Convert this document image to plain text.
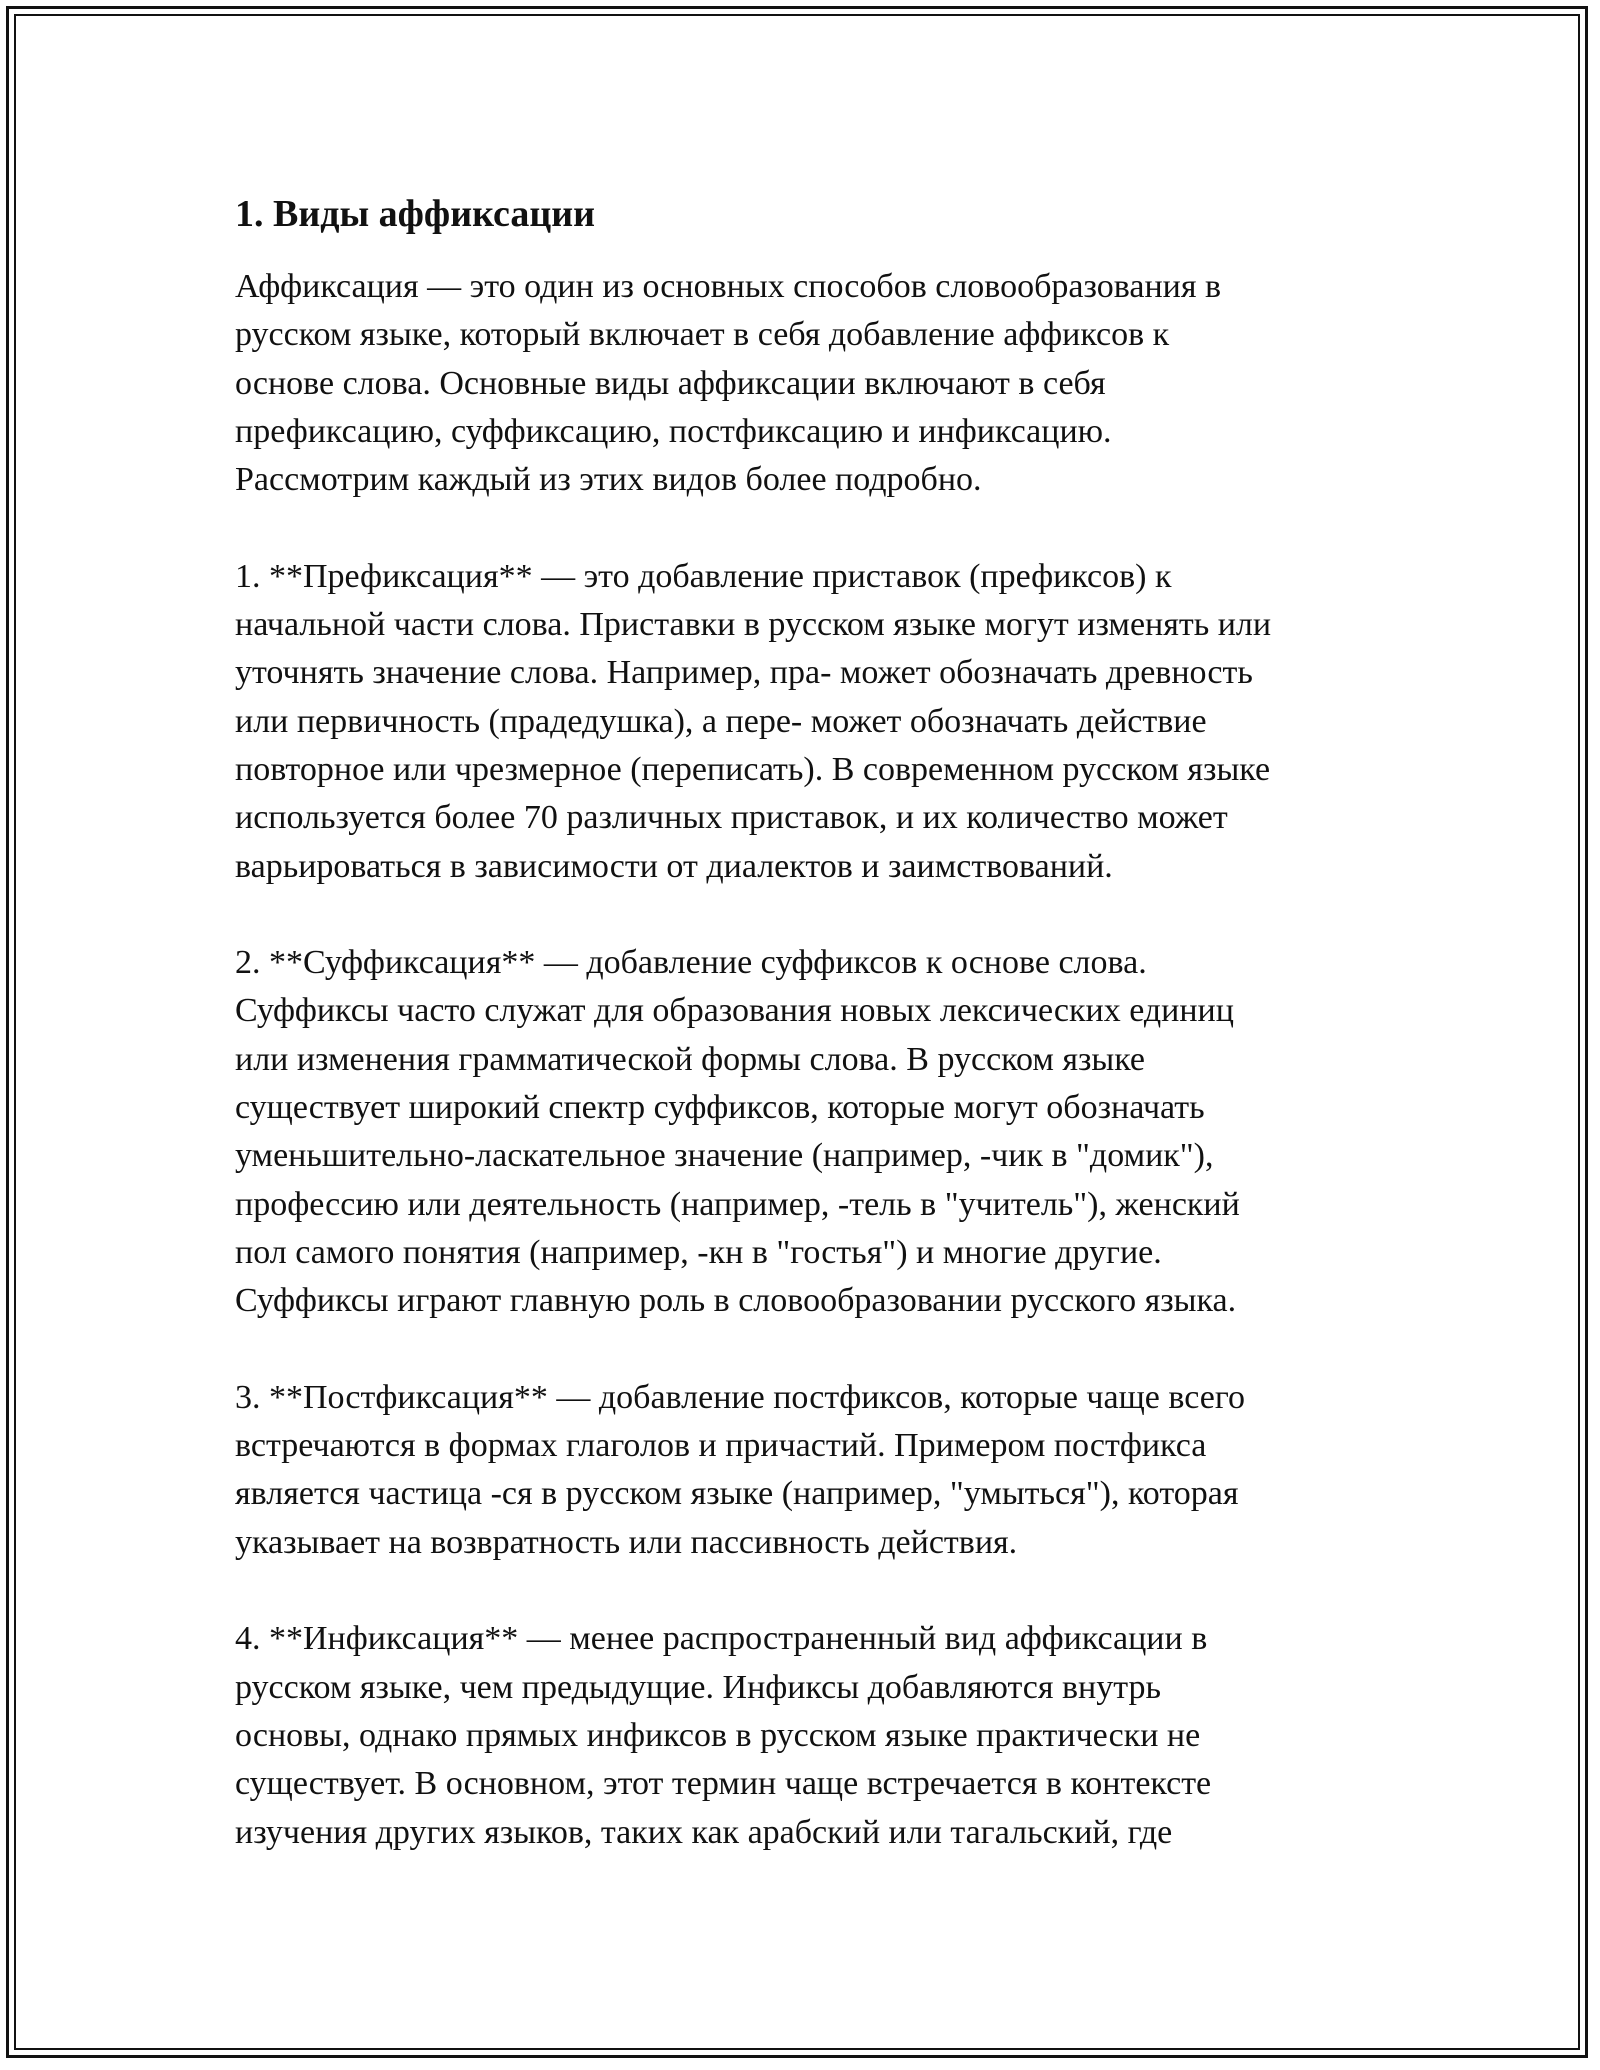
1. Виды аффиксации

Аффиксация — это один из основных способов словообразования в
русском языке, который включает в себя добавление аффиксов к
основе слова. Основные виды аффиксации включают в себя
префиксацию, суффиксацию, постфиксацию и инфиксацию.
Рассмотрим каждый из этих видов более подробно.

1. **Префиксация** — это добавление приставок (префиксов) к
начальной части слова. Приставки в русском языке могут изменять или
уточнять значение слова. Например, пра- может обозначать древность
или первичность (прадедушка), а пере- может обозначать действие
повторное или чрезмерное (переписать). В современном русском языке
используется более 70 различных приставок, и их количество может
варьироваться в зависимости от диалектов и заимствований.

2. **Суффиксация** — добавление суффиксов к основе слова.
Суффиксы часто служат для образования новых лексических единиц
или изменения грамматической формы слова. В русском языке
существует широкий спектр суффиксов, которые могут обозначать
уменьшительно-ласкательное значение (например, -чик в "домик"),
профессию или деятельность (например, -тель в "учитель"), женский
пол самого понятия (например, -кн в "гостья") и многие другие.
Суффиксы играют главную роль в словообразовании русского языка.

3. **Постфиксация** — добавление постфиксов, которые чаще всего
встречаются в формах глаголов и причастий. Примером постфикса
является частица -ся в русском языке (например, "умыться"), которая
указывает на возвратность или пассивность действия.

4. **Инфиксация** — менее распространенный вид аффиксации в
русском языке, чем предыдущие. Инфиксы добавляются внутрь
основы, однако прямых инфиксов в русском языке практически не
существует. В основном, этот термин чаще встречается в контексте
изучения других языков, таких как арабский или тагальский, где
